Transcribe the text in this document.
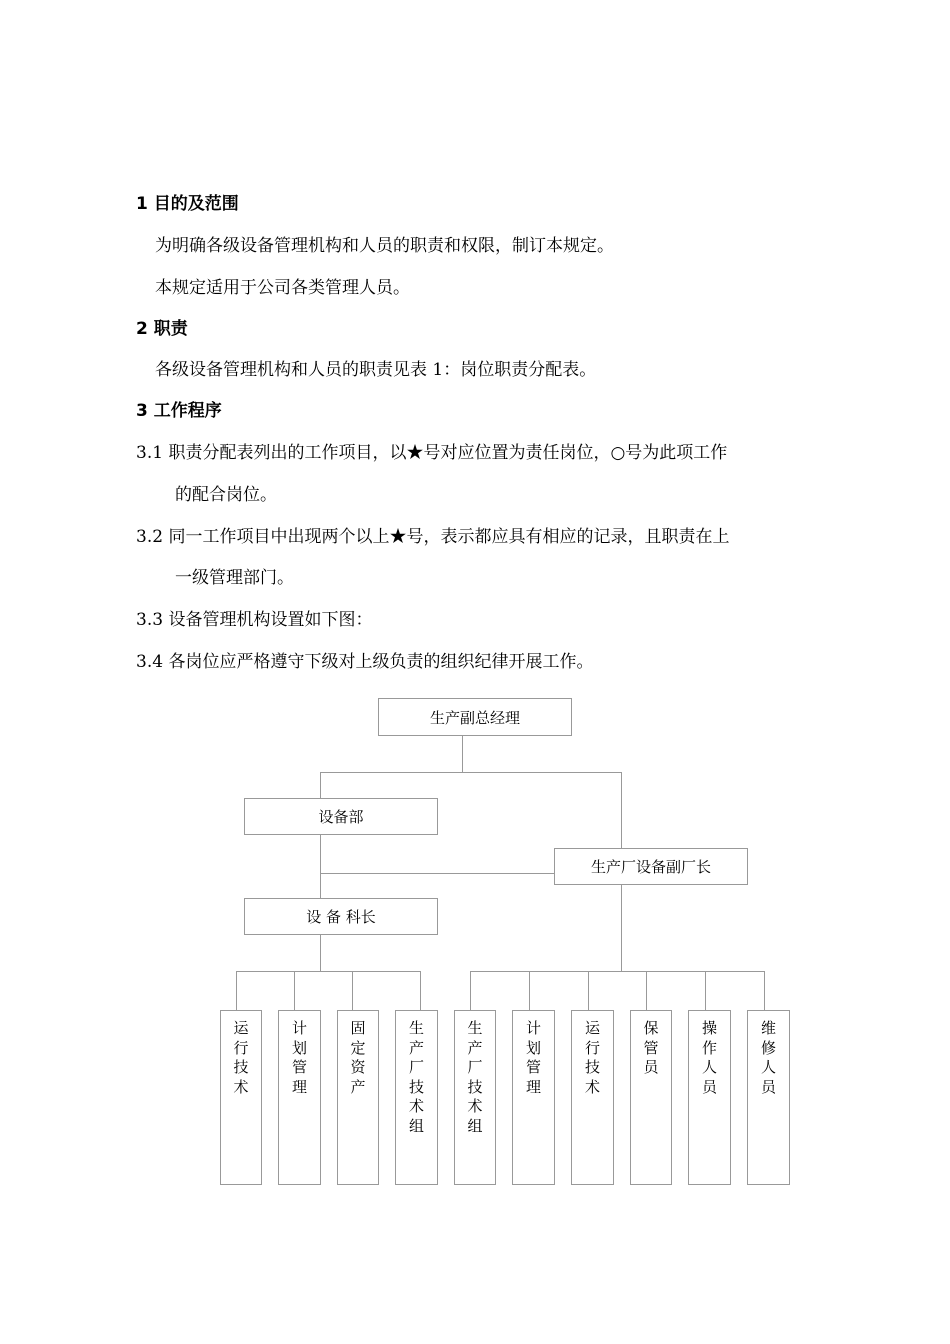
1 目的及范围
为明确各级设备管理机构和人员的职责和权限，制订本规定。
本规定适用于公司各类管理人员。
2 职责
各级设备管理机构和人员的职责见表 1：岗位职责分配表。
3 工作程序
3.1 职责分配表列出的工作项目，以★号对应位置为责任岗位，○号为此项工作
的配合岗位。
3.2 同一工作项目中出现两个以上★号，表示都应具有相应的记录，且职责在上
一级管理部门。
3.3 设备管理机构设置如下图：
3.4 各岗位应严格遵守下级对上级负责的组织纪律开展工作。
生产副总经理
设备部
生产厂设备副厂长
设 备 科长
运行技术
计划管理
固定资产
生产厂技术组
生产厂技术组
计划管理
运行技术
保管员
操作人员
维修人员
